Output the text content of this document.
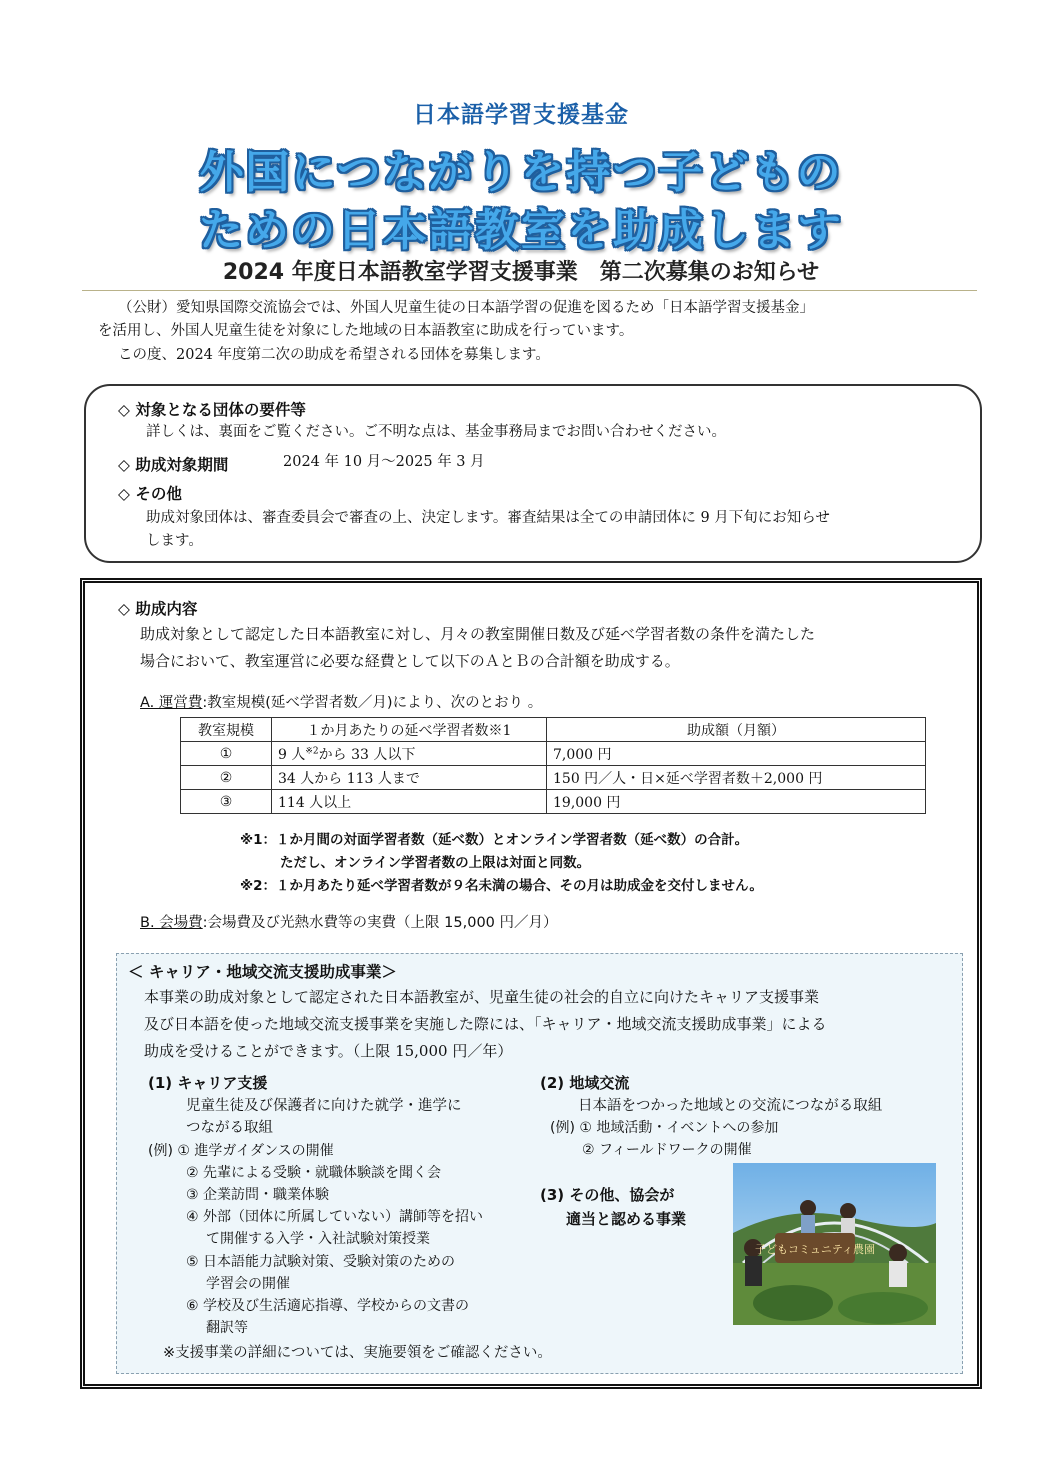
日本語学習支援基金
外国につながりを持つ子どもの
ための日本語教室を助成します
2024 年度日本語教室学習支援事業　第二次募集のお知らせ
（公財）愛知県国際交流協会では、外国人児童生徒の日本語学習の促進を図るため「日本語学習支援基金」
を活用し、外国人児童生徒を対象にした地域の日本語教室に助成を行っています。
この度、2024 年度第二次の助成を希望される団体を募集します。
◇ 対象となる団体の要件等
詳しくは、裏面をご覧ください。ご不明な点は、基金事務局までお問い合わせください。
◇ 助成対象期間	2024 年 10 月～2025 年 3 月
◇ その他
助成対象団体は、審査委員会で審査の上、決定します。審査結果は全ての申請団体に 9 月下旬にお知らせ
します。
◇ 助成内容
助成対象として認定した日本語教室に対し、月々の教室開催日数及び延べ学習者数の条件を満たした
場合において、教室運営に必要な経費として以下のＡとＢの合計額を助成する。
A. 運営費:教室規模(延べ学習者数／月)により、次のとおり 。
教室規模	１か月あたりの延べ学習者数※1	助成額（月額）
①	9 人$^{※2}$から 33 人以下	7,000 円
②	34 人から 113 人まで	150 円／人・日×延べ学習者数＋2,000 円
③	114 人以上	19,000 円
※1：１か月間の対面学習者数（延べ数）とオンライン学習者数（延べ数）の合計。
ただし、オンライン学習者数の上限は対面と同数。
※2：１か月あたり延べ学習者数が９名未満の場合、その月は助成金を交付しません。
B. 会場費:会場費及び光熱水費等の実費（上限 15,000 円／月）
＜ キャリア・地域交流支援助成事業＞
本事業の助成対象として認定された日本語教室が、児童生徒の社会的自立に向けたキャリア支援事業
及び日本語を使った地域交流支援事業を実施した際には、「キャリア・地域交流支援助成事業」による
助成を受けることができます。（上限 15,000 円／年）
(1) キャリア支援
児童生徒及び保護者に向けた就学・進学に
つながる取組
(例) ① 進学ガイダンスの開催
② 先輩による受験・就職体験談を聞く会
③ 企業訪問・職業体験
④ 外部（団体に所属していない）講師等を招い
て開催する入学・入社試験対策授業
⑤ 日本語能力試験対策、受験対策のための
学習会の開催
⑥ 学校及び生活適応指導、学校からの文書の
翻訳等
(2) 地域交流
日本語をつかった地域との交流につながる取組
(例) ① 地域活動・イベントへの参加
② フィールドワークの開催
(3) その他、協会が
適当と認める事業
子どもコミュニティ農園
※支援事業の詳細については、実施要領をご確認ください。
